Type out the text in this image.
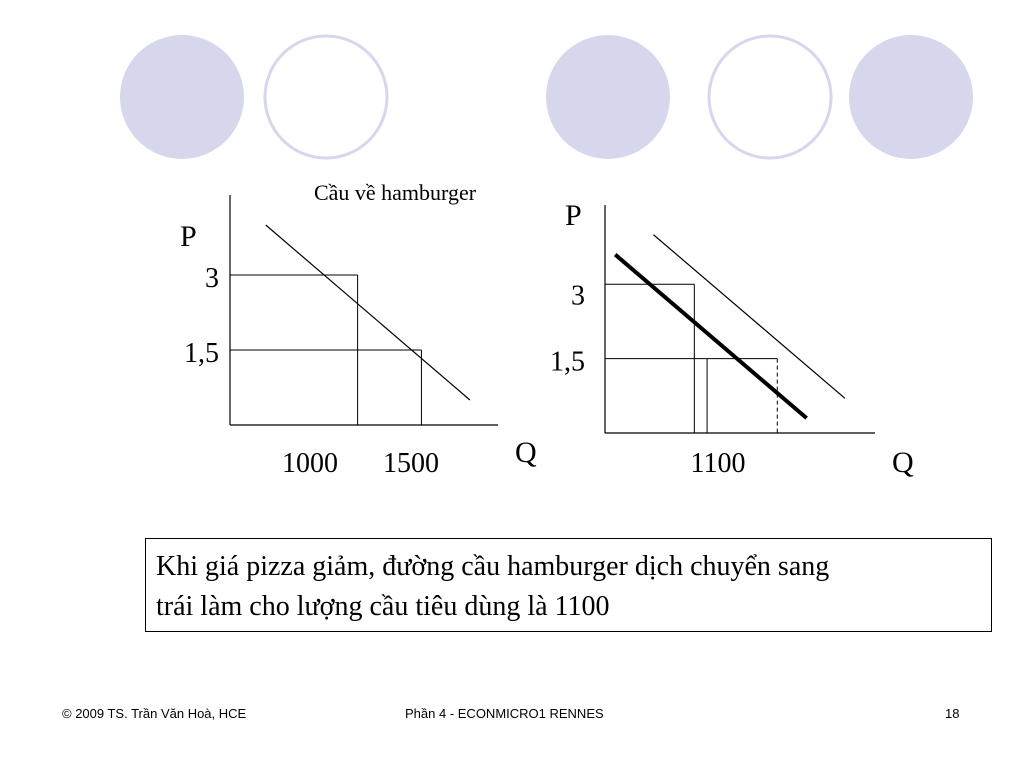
Cầu về hamburger
P
Q
3
1,5
1000 1500
P
Q
3
1,5
1100
Khi giá pizza giảm, đường cầu hamburger dịch chuyển sang
trái làm cho lượng cầu tiêu dùng là 1100
© 2009 TS. Trần Văn Hoà, HCE	Phần 4 - ECONMICRO1 RENNES	18
